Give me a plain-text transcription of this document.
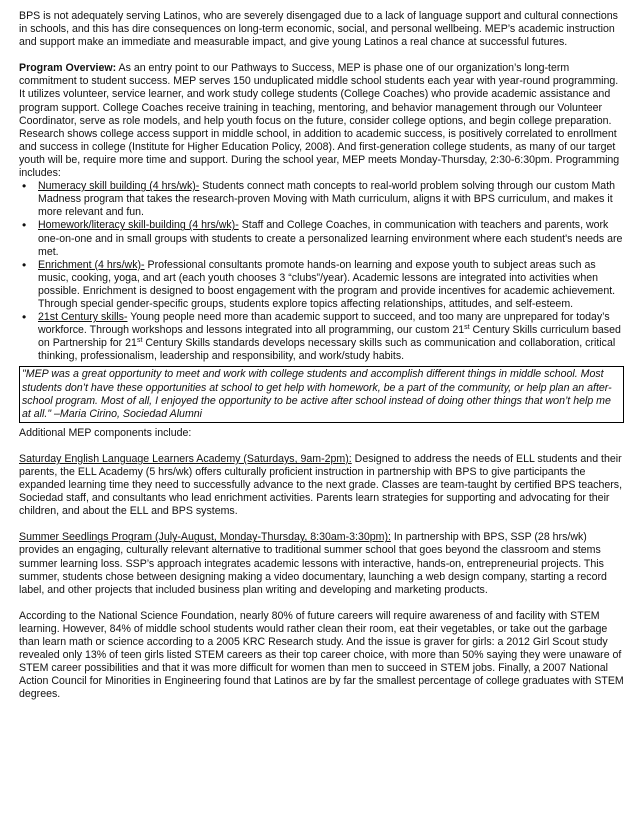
BPS is not adequately serving Latinos, who are severely disengaged due to a lack of language support and cultural connections in schools, and this has dire consequences on long-term economic, social, and personal wellbeing. MEP’s academic instruction and support make an immediate and measurable impact, and give young Latinos a real chance at successful futures.

Program Overview: As an entry point to our Pathways to Success, MEP is phase one of our organization’s long-term commitment to student success. MEP serves 150 unduplicated middle school students each year with year-round programming. It utilizes volunteer, service learner, and work study college students (College Coaches) who provide academic assistance and program support. College Coaches receive training in teaching, mentoring, and behavior management through our Volunteer Coordinator, serve as role models, and help youth focus on the future, consider college options, and begin college preparation. Research shows college access support in middle school, in addition to academic success, is positively correlated to enrollment and success in college (Institute for Higher Education Policy, 2008). And first-generation college students, as many of our target youth will be, require more time and support. During the school year, MEP meets Monday-Thursday, 2:30-6:30pm. Programming includes:

• Numeracy skill building (4 hrs/wk)- Students connect math concepts to real-world problem solving through our custom Math Madness program that takes the research-proven Moving with Math curriculum, aligns it with BPS curriculum, and makes it more relevant and fun.
• Homework/literacy skill-building (4 hrs/wk)- Staff and College Coaches, in communication with teachers and parents, work one-on-one and in small groups with students to create a personalized learning environment where each student's needs are met.
• Enrichment (4 hrs/wk)- Professional consultants promote hands-on learning and expose youth to subject areas such as music, cooking, yoga, and art (each youth chooses 3 “clubs”/year). Academic lessons are integrated into activities when possible. Enrichment is designed to boost engagement with the program and provide incentives for academic achievement. Through special gender-specific groups, students explore topics affecting relationships, attitudes, and self-esteem.
• 21st Century skills- Young people need more than academic support to succeed, and too many are unprepared for today’s workforce. Through workshops and lessons integrated into all programming, our custom 21st Century Skills curriculum based on Partnership for 21st Century Skills standards develops necessary skills such as communication and collaboration, critical thinking, professionalism, leadership and responsibility, and work/study habits.
"MEP was a great opportunity to meet and work with college students and accomplish different things in middle school. Most students don’t have these opportunities at school to get help with homework, be a part of the community, or help plan an after-school program. Most of all, I enjoyed the opportunity to be active after school instead of doing other things that won’t help me at all." –Maria Cirino, Sociedad Alumni

Additional MEP components include:

Saturday English Language Learners Academy (Saturdays, 9am-2pm): Designed to address the needs of ELL students and their parents, the ELL Academy (5 hrs/wk) offers culturally proficient instruction in partnership with BPS to give participants the expanded learning time they need to successfully advance to the next grade. Classes are team-taught by certified BPS teachers, Sociedad staff, and consultants who lead enrichment activities. Parents learn strategies for supporting and advocating for their children, and about the ELL and BPS systems.

Summer Seedlings Program (July-August, Monday-Thursday, 8:30am-3:30pm): In partnership with BPS, SSP (28 hrs/wk) provides an engaging, culturally relevant alternative to traditional summer school that goes beyond the classroom and stems summer learning loss. SSP’s approach integrates academic lessons with interactive, hands-on, entrepreneurial projects. This summer, students chose between designing making a video documentary, launching a web design company, starting a record label, and other projects that included business plan writing and developing and marketing products.

According to the National Science Foundation, nearly 80% of future careers will require awareness of and facility with STEM learning. However, 84% of middle school students would rather clean their room, eat their vegetables, or take out the garbage than learn math or science according to a 2005 KRC Research study. And the issue is graver for girls: a 2012 Girl Scout study revealed only 13% of teen girls listed STEM careers as their top career choice, with more than 50% saying they were unaware of STEM career possibilities and that it was more difficult for women than men to succeed in STEM jobs. Finally, a 2007 National Action Council for Minorities in Engineering found that Latinos are by far the smallest percentage of college graduates with STEM degrees.
